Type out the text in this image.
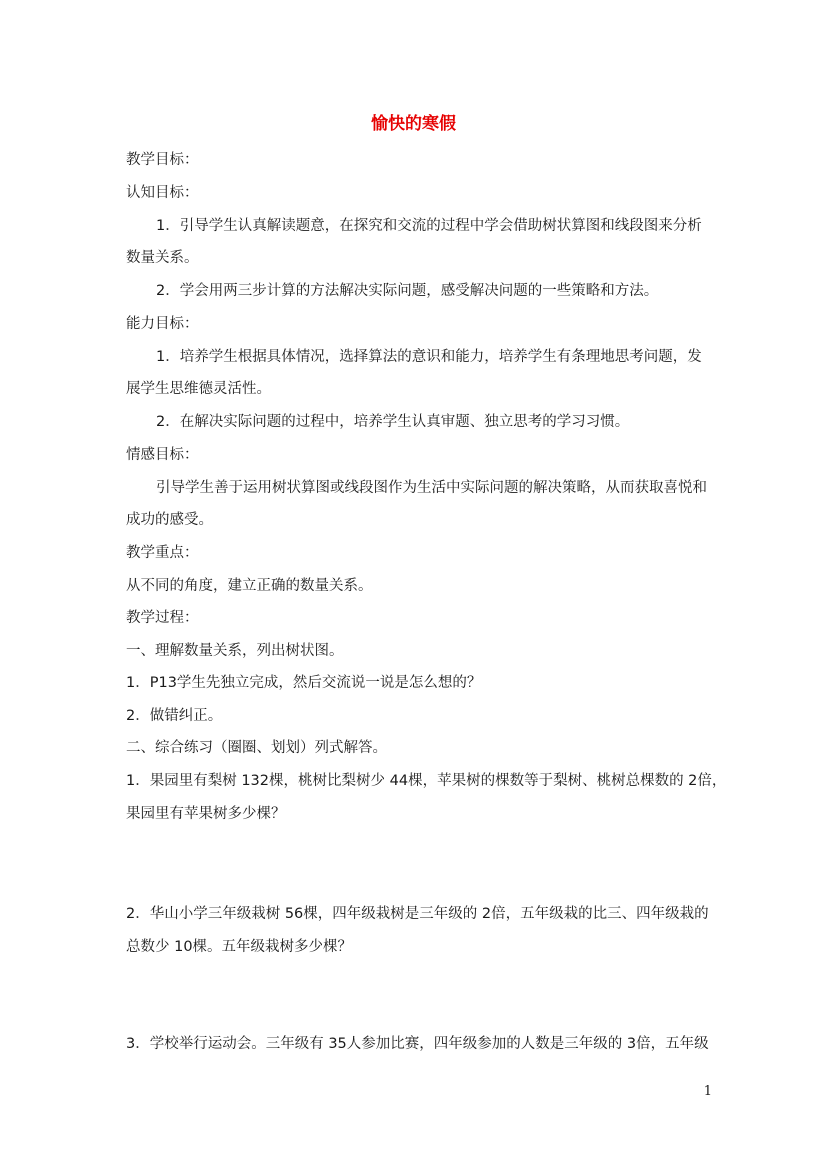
愉快的寒假
教学目标：
认知目标：
1．引导学生认真解读题意，在探究和交流的过程中学会借助树状算图和线段图来分析
数量关系。
2．学会用两三步计算的方法解决实际问题，感受解决问题的一些策略和方法。
能力目标：
1．培养学生根据具体情况，选择算法的意识和能力，培养学生有条理地思考问题，发
展学生思维德灵活性。
2．在解决实际问题的过程中，培养学生认真审题、独立思考的学习习惯。
情感目标：
引导学生善于运用树状算图或线段图作为生活中实际问题的解决策略，从而获取喜悦和
成功的感受。
教学重点：
从不同的角度，建立正确的数量关系。
教学过程：
一、理解数量关系，列出树状图。
1．P13学生先独立完成，然后交流说一说是怎么想的？
2．做错纠正。
二、综合练习（圈圈、划划）列式解答。
1．果园里有梨树 132棵，桃树比梨树少 44棵，苹果树的棵数等于梨树、桃树总棵数的 2倍，
果园里有苹果树多少棵？
2．华山小学三年级栽树 56棵，四年级栽树是三年级的 2倍，五年级栽的比三、四年级栽的
总数少 10棵。五年级栽树多少棵？
3．学校举行运动会。三年级有 35人参加比赛，四年级参加的人数是三年级的 3倍，五年级
1
